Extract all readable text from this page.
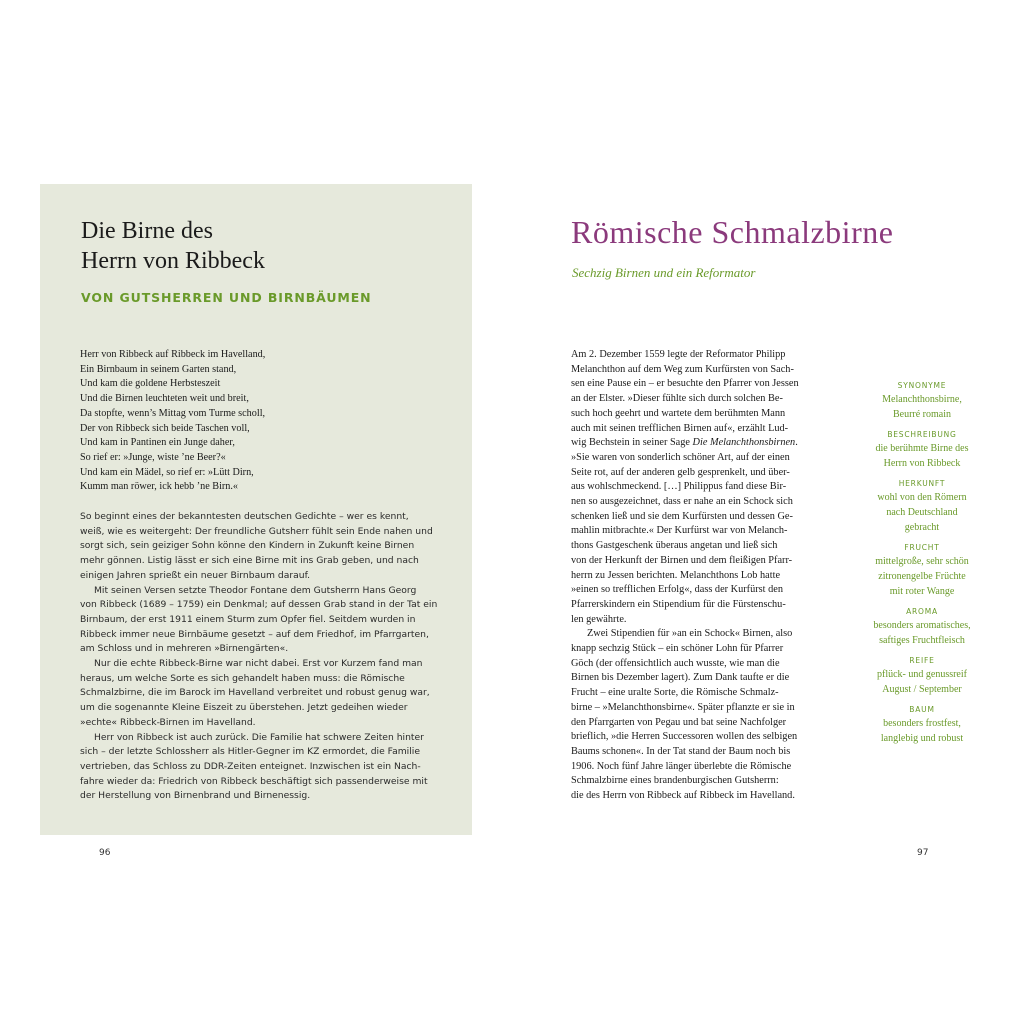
Die Birne des
Herrn von Ribbeck
VON GUTSHERREN UND BIRNBÄUMEN
Herr von Ribbeck auf Ribbeck im Havelland,
Ein Birnbaum in seinem Garten stand,
Und kam die goldene Herbsteszeit
Und die Birnen leuchteten weit und breit,
Da stopfte, wenn’s Mittag vom Turme scholl,
Der von Ribbeck sich beide Taschen voll,
Und kam in Pantinen ein Junge daher,
So rief er: »Junge, wiste ’ne Beer?«
Und kam ein Mädel, so rief er: »Lütt Dirn,
Kumm man röwer, ick hebb ’ne Birn.«
So beginnt eines der bekanntesten deutschen Gedichte – wer es kennt,
weiß, wie es weitergeht: Der freundliche Gutsherr fühlt sein Ende nahen und
sorgt sich, sein geiziger Sohn könne den Kindern in Zukunft keine Birnen
mehr gönnen. Listig lässt er sich eine Birne mit ins Grab geben, und nach
einigen Jahren sprießt ein neuer Birnbaum darauf.
Mit seinen Versen setzte Theodor Fontane dem Gutsherrn Hans Georg
von Ribbeck (1689 – 1759) ein Denkmal; auf dessen Grab stand in der Tat ein
Birnbaum, der erst 1911 einem Sturm zum Opfer fiel. Seitdem wurden in
Ribbeck immer neue Birnbäume gesetzt – auf dem Friedhof, im Pfarrgarten,
am Schloss und in mehreren »Birnengärten«.
Nur die echte Ribbeck-Birne war nicht dabei. Erst vor Kurzem fand man
heraus, um welche Sorte es sich gehandelt haben muss: die Römische
Schmalzbirne, die im Barock im Havelland verbreitet und robust genug war,
um die sogenannte Kleine Eiszeit zu überstehen. Jetzt gedeihen wieder
»echte« Ribbeck-Birnen im Havelland.
Herr von Ribbeck ist auch zurück. Die Familie hat schwere Zeiten hinter
sich – der letzte Schlossherr als Hitler-Gegner im KZ ermordet, die Familie
vertrieben, das Schloss zu DDR-Zeiten enteignet. Inzwischen ist ein Nach-
fahre wieder da: Friedrich von Ribbeck beschäftigt sich passenderweise mit
der Herstellung von Birnenbrand und Birnenessig.
96
Römische Schmalzbirne
Sechzig Birnen und ein Reformator
Am 2. Dezember 1559 legte der Reformator Philipp
Melanchthon auf dem Weg zum Kurfürsten von Sach-
sen eine Pause ein – er besuchte den Pfarrer von Jessen
an der Elster. »Dieser fühlte sich durch solchen Be-
such hoch geehrt und wartete dem berühmten Mann
auch mit seinen trefflichen Birnen auf«, erzählt Lud-
wig Bechstein in seiner Sage Die Melanchthonsbirnen.
»Sie waren von sonderlich schöner Art, auf der einen
Seite rot, auf der anderen gelb gesprenkelt, und über-
aus wohlschmeckend. […] Philippus fand diese Bir-
nen so ausgezeichnet, dass er nahe an ein Schock sich
schenken ließ und sie dem Kurfürsten und dessen Ge-
mahlin mitbrachte.« Der Kurfürst war von Melanch-
thons Gastgeschenk überaus angetan und ließ sich
von der Herkunft der Birnen und dem fleißigen Pfarr-
herrn zu Jessen berichten. Melanchthons Lob hatte
»einen so trefflichen Erfolg«, dass der Kurfürst den
Pfarrerskindern ein Stipendium für die Fürstenschu-
len gewährte.
Zwei Stipendien für »an ein Schock« Birnen, also
knapp sechzig Stück – ein schöner Lohn für Pfarrer
Göch (der offensichtlich auch wusste, wie man die
Birnen bis Dezember lagert). Zum Dank taufte er die
Frucht – eine uralte Sorte, die Römische Schmalz-
birne – »Melanchthonsbirne«. Später pflanzte er sie in
den Pfarrgarten von Pegau und bat seine Nachfolger
brieflich, »die Herren Successoren wollen des selbigen
Baums schonen«. In der Tat stand der Baum noch bis
1906. Noch fünf Jahre länger überlebte die Römische
Schmalzbirne eines brandenburgischen Gutsherrn:
die des Herrn von Ribbeck auf Ribbeck im Havelland.
SYNONYME
Melanchthonsbirne,
Beurré romain
BESCHREIBUNG
die berühmte Birne des
Herrn von Ribbeck
HERKUNFT
wohl von den Römern
nach Deutschland
gebracht
FRUCHT
mittelgroße, sehr schön
zitronengelbe Früchte
mit roter Wange
AROMA
besonders aromatisches,
saftiges Fruchtfleisch
REIFE
pflück- und genussreif
August / September
BAUM
besonders frostfest,
langlebig und robust
97
